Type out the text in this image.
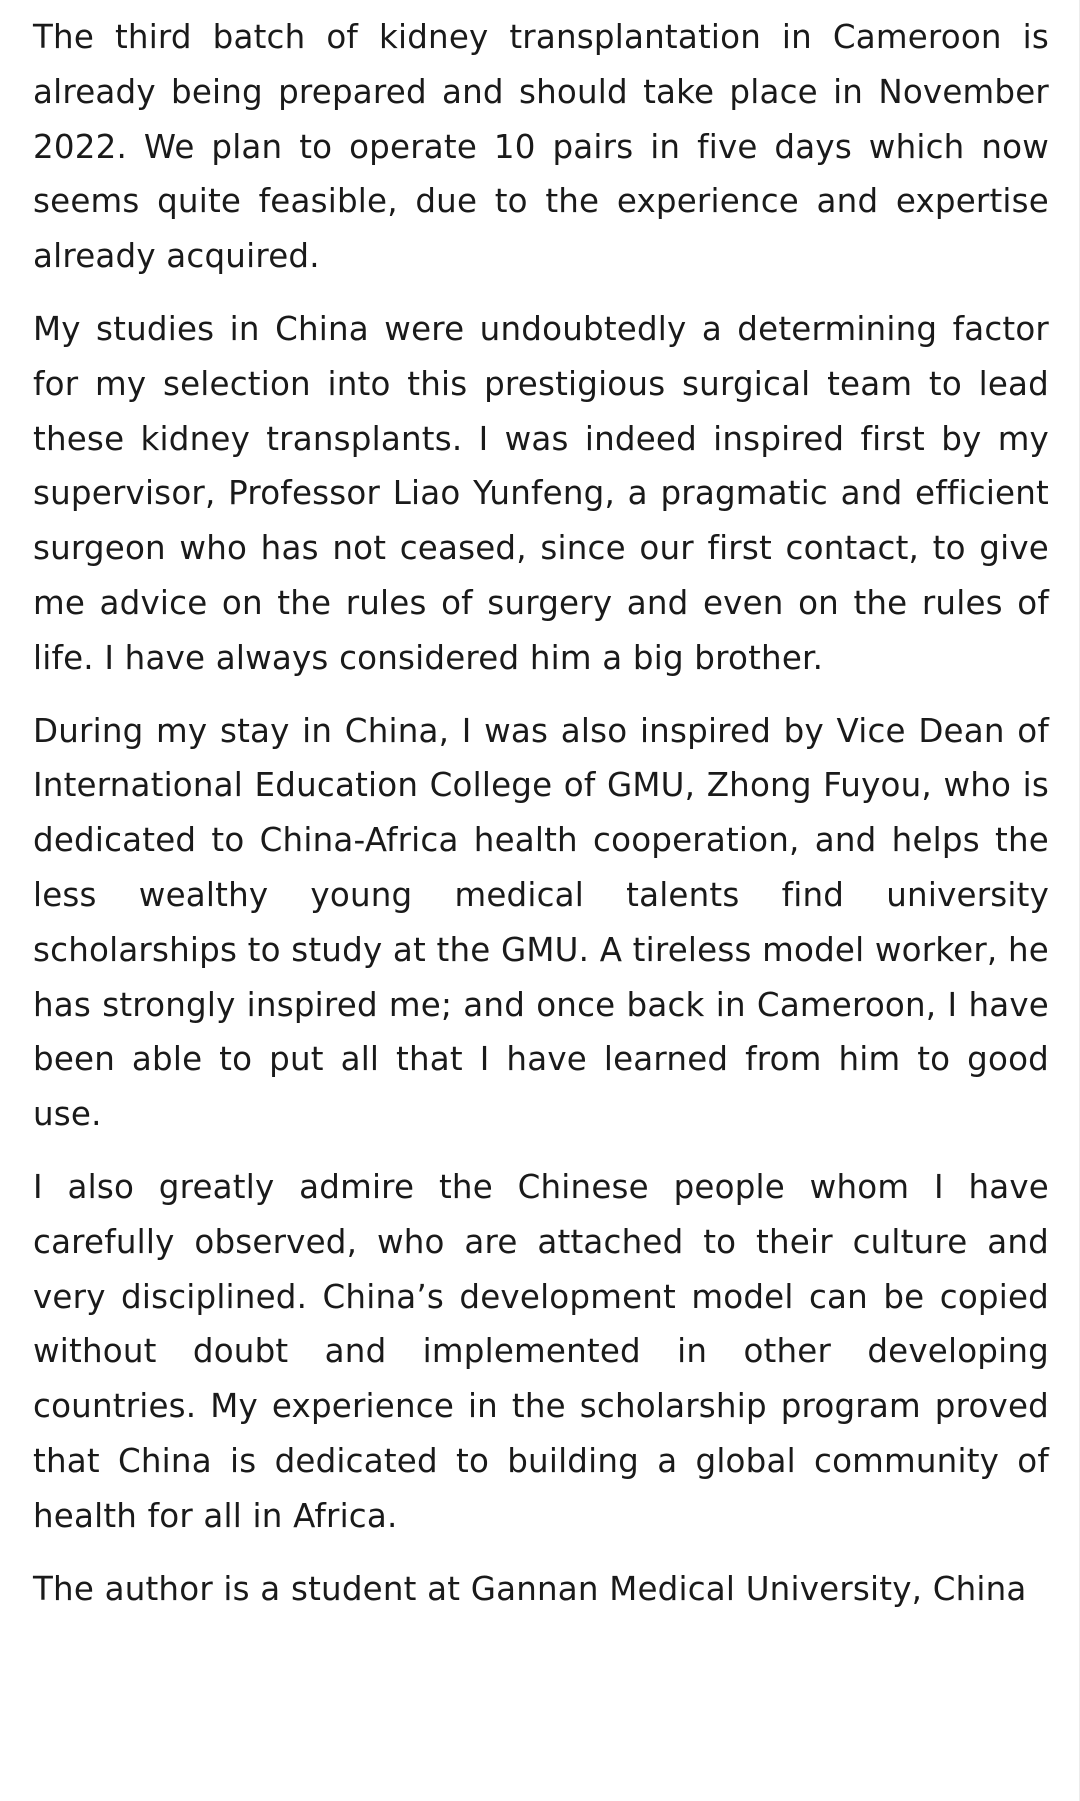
The third batch of kidney transplantation in Cameroon is already being prepared and should take place in November 2022. We plan to operate 10 pairs in five days which now seems quite feasible, due to the experience and expertise already acquired.

My studies in China were undoubtedly a determining factor for my selection into this prestigious surgical team to lead these kidney transplants. I was indeed inspired first by my supervisor, Professor Liao Yunfeng, a pragmatic and efficient surgeon who has not ceased, since our first contact, to give me advice on the rules of surgery and even on the rules of life. I have always considered him a big brother.

During my stay in China, I was also inspired by Vice Dean of International Education College of GMU, Zhong Fuyou, who is dedicated to China-Africa health cooperation, and helps the less wealthy young medical talents find university scholarships to study at the GMU. A tireless model worker, he has strongly inspired me; and once back in Cameroon, I have been able to put all that I have learned from him to good use.

I also greatly admire the Chinese people whom I have carefully observed, who are attached to their culture and very disciplined. China’s development model can be copied without doubt and implemented in other developing countries. My experience in the scholarship program proved that China is dedicated to building a global community of health for all in Africa.

The author is a student at Gannan Medical University, China
